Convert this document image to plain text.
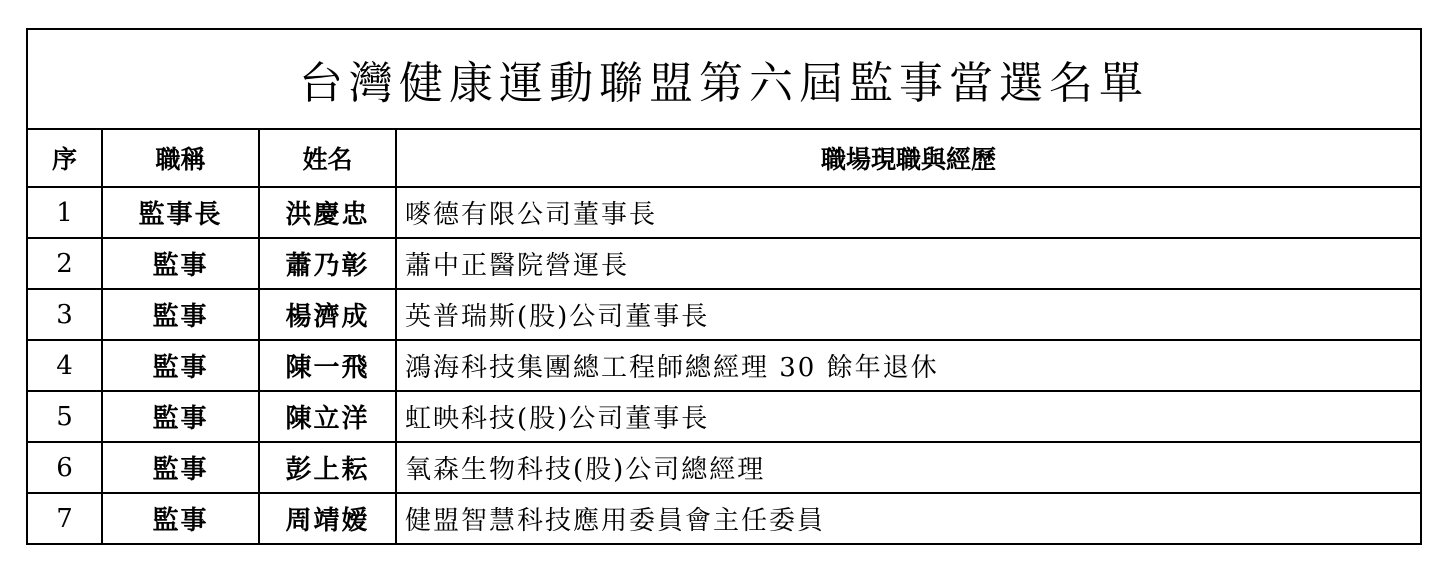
台灣健康運動聯盟第六屆監事當選名單			
序	職稱	姓名	職場現職與經歷
1	監事長	洪慶忠	嘜德有限公司董事長
2	監事	蕭乃彰	蕭中正醫院營運長
3	監事	楊濟成	英普瑞斯(股)公司董事長
4	監事	陳一飛	鴻海科技集團總工程師總經理 30 餘年退休
5	監事	陳立洋	虹映科技(股)公司董事長
6	監事	彭上耘	氧森生物科技(股)公司總經理
7	監事	周靖嫒	健盟智慧科技應用委員會主任委員
